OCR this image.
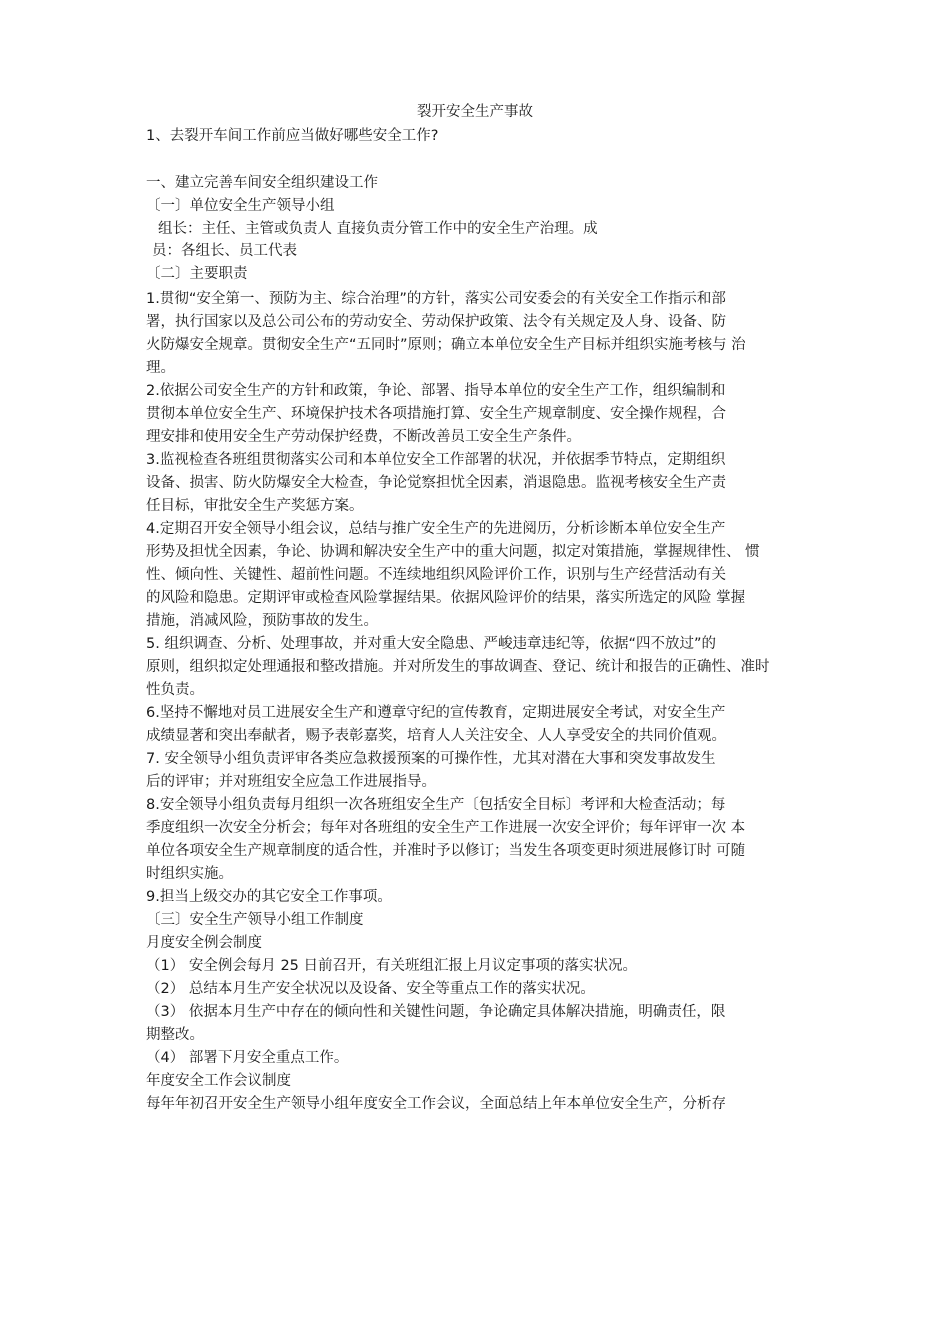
裂开安全生产事故
1、去裂开车间工作前应当做好哪些安全工作?
一、建立完善车间安全组织建设工作
〔一〕单位安全生产领导小组
组长：主任、主管或负责人 直接负责分管工作中的安全生产治理。成
员：各组长、员工代表
〔二〕主要职责
1.贯彻“安全第一、预防为主、综合治理”的方针，落实公司安委会的有关安全工作指示和部
署，执行国家以及总公司公布的劳动安全、劳动保护政策、法令有关规定及人身、设备、防
火防爆安全规章。贯彻安全生产“五同时”原则；确立本单位安全生产目标并组织实施考核与 治
理。
2.依据公司安全生产的方针和政策，争论、部署、指导本单位的安全生产工作，组织编制和
贯彻本单位安全生产、环境保护技术各项措施打算、安全生产规章制度、安全操作规程，合
理安排和使用安全生产劳动保护经费，不断改善员工安全生产条件。
3.监视检查各班组贯彻落实公司和本单位安全工作部署的状况，并依据季节特点，定期组织
设备、损害、防火防爆安全大检查，争论觉察担忧全因素，消退隐患。监视考核安全生产责
任目标，审批安全生产奖惩方案。
4.定期召开安全领导小组会议，总结与推广安全生产的先进阅历，分析诊断本单位安全生产
形势及担忧全因素，争论、协调和解决安全生产中的重大问题，拟定对策措施，掌握规律性、 惯
性、倾向性、关键性、超前性问题。不连续地组织风险评价工作，识别与生产经营活动有关
的风险和隐患。定期评审或检查风险掌握结果。依据风险评价的结果，落实所选定的风险 掌握
措施，消减风险，预防事故的发生。
5. 组织调查、分析、处理事故，并对重大安全隐患、严峻违章违纪等，依据“四不放过”的
原则，组织拟定处理通报和整改措施。并对所发生的事故调查、登记、统计和报告的正确性、准时
性负责。
6.坚持不懈地对员工进展安全生产和遵章守纪的宣传教育，定期进展安全考试，对安全生产
成绩显著和突出奉献者，赐予表彰嘉奖，培育人人关注安全、人人享受安全的共同价值观。
7. 安全领导小组负责评审各类应急救援预案的可操作性，尤其对潜在大事和突发事故发生
后的评审；并对班组安全应急工作进展指导。
8.安全领导小组负责每月组织一次各班组安全生产〔包括安全目标〕考评和大检查活动；每
季度组织一次安全分析会；每年对各班组的安全生产工作进展一次安全评价；每年评审一次 本
单位各项安全生产规章制度的适合性，并准时予以修订；当发生各项变更时须进展修订时 可随
时组织实施。
9.担当上级交办的其它安全工作事项。
〔三〕安全生产领导小组工作制度
月度安全例会制度
（1） 安全例会每月 25 日前召开，有关班组汇报上月议定事项的落实状况。
（2） 总结本月生产安全状况以及设备、安全等重点工作的落实状况。
（3） 依据本月生产中存在的倾向性和关键性问题，争论确定具体解决措施，明确责任，限
期整改。
（4） 部署下月安全重点工作。
年度安全工作会议制度
每年年初召开安全生产领导小组年度安全工作会议，全面总结上年本单位安全生产，分析存
